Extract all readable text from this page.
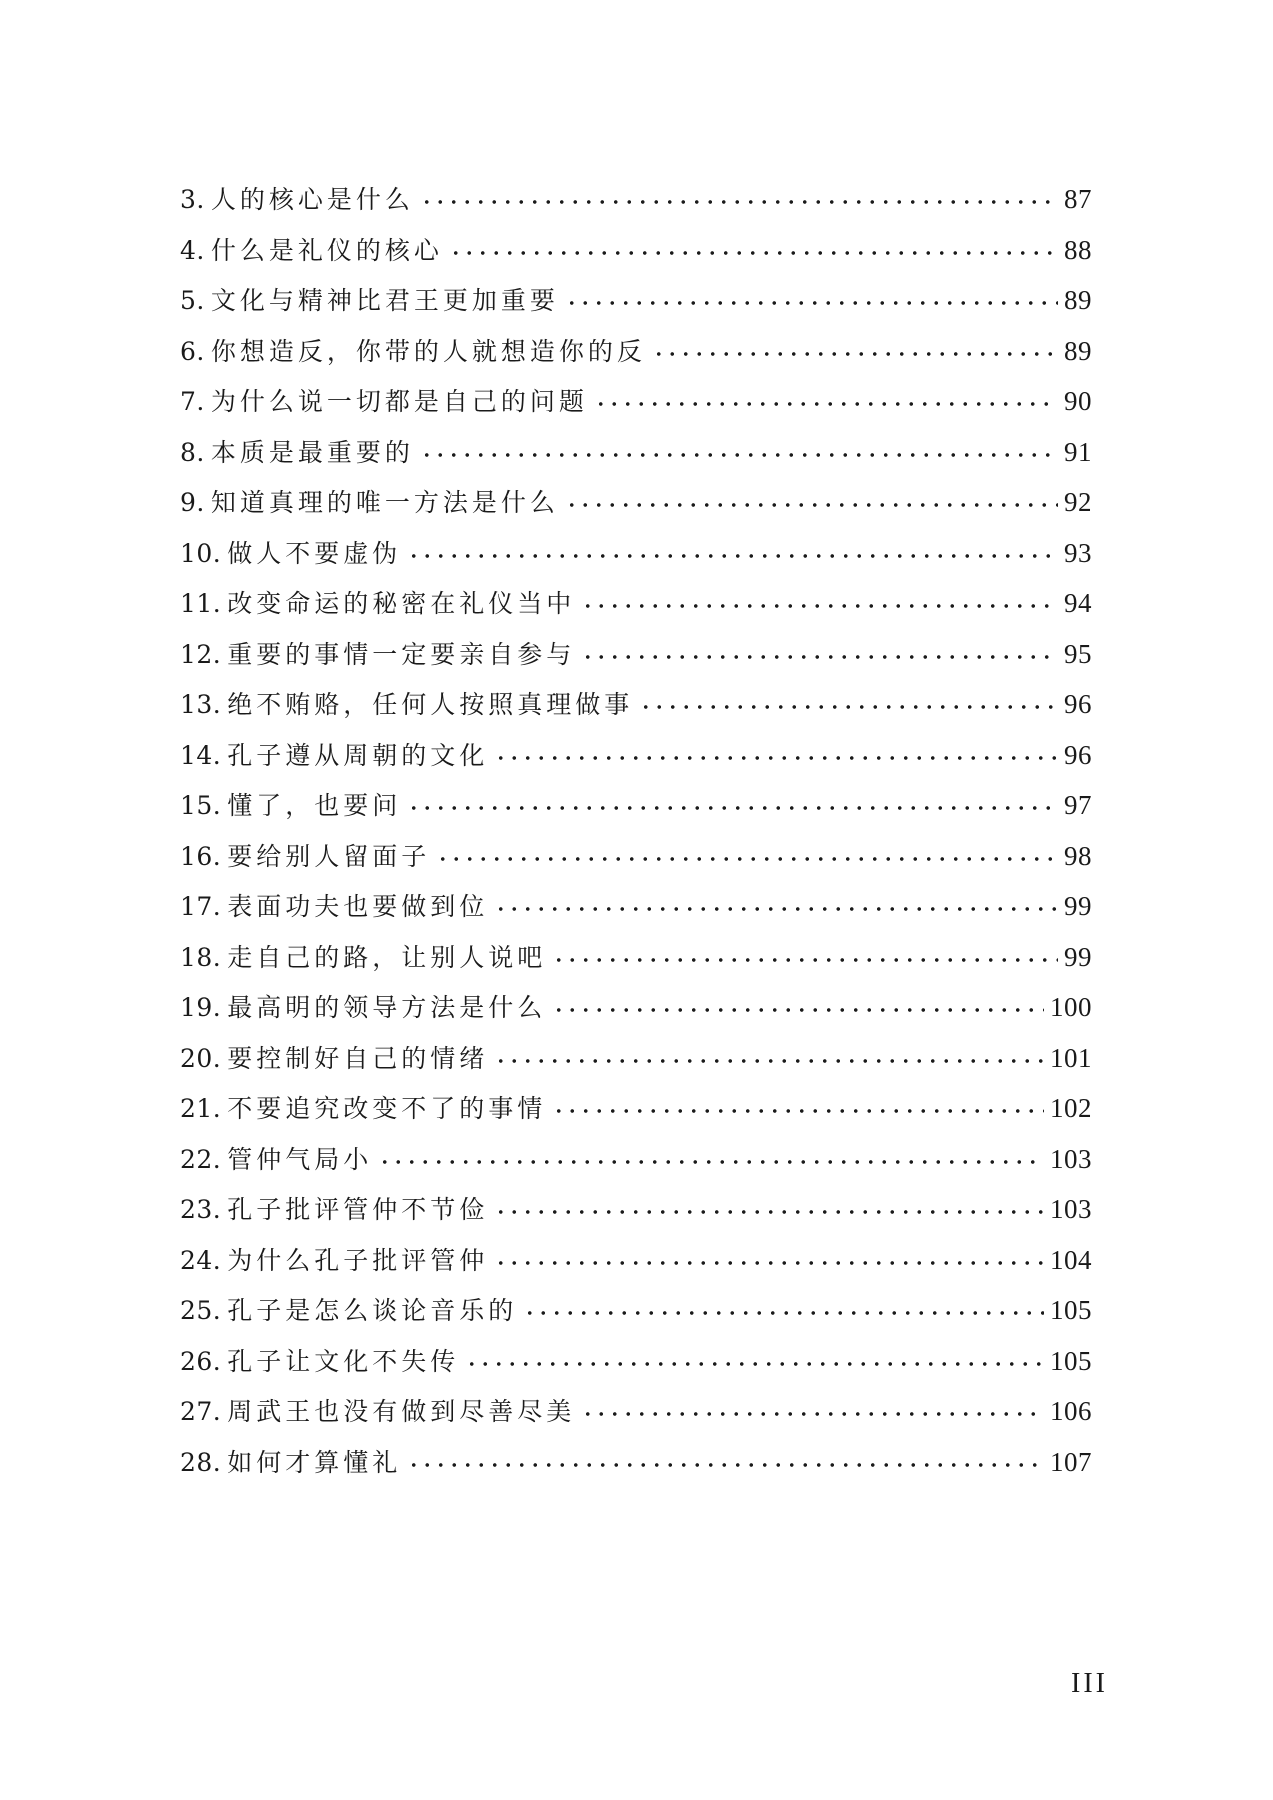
3. 人的核心是什么	87
4. 什么是礼仪的核心	88
5. 文化与精神比君王更加重要	89
6. 你想造反，你带的人就想造你的反	89
7. 为什么说一切都是自己的问题	90
8. 本质是最重要的	91
9. 知道真理的唯一方法是什么	92
10. 做人不要虚伪	93
11. 改变命运的秘密在礼仪当中	94
12. 重要的事情一定要亲自参与	95
13. 绝不贿赂，任何人按照真理做事	96
14. 孔子遵从周朝的文化	96
15. 懂了，也要问	97
16. 要给别人留面子	98
17. 表面功夫也要做到位	99
18. 走自己的路，让别人说吧	99
19. 最高明的领导方法是什么	100
20. 要控制好自己的情绪	101
21. 不要追究改变不了的事情	102
22. 管仲气局小	103
23. 孔子批评管仲不节俭	103
24. 为什么孔子批评管仲	104
25. 孔子是怎么谈论音乐的	105
26. 孔子让文化不失传	105
27. 周武王也没有做到尽善尽美	106
28. 如何才算懂礼	107
III
